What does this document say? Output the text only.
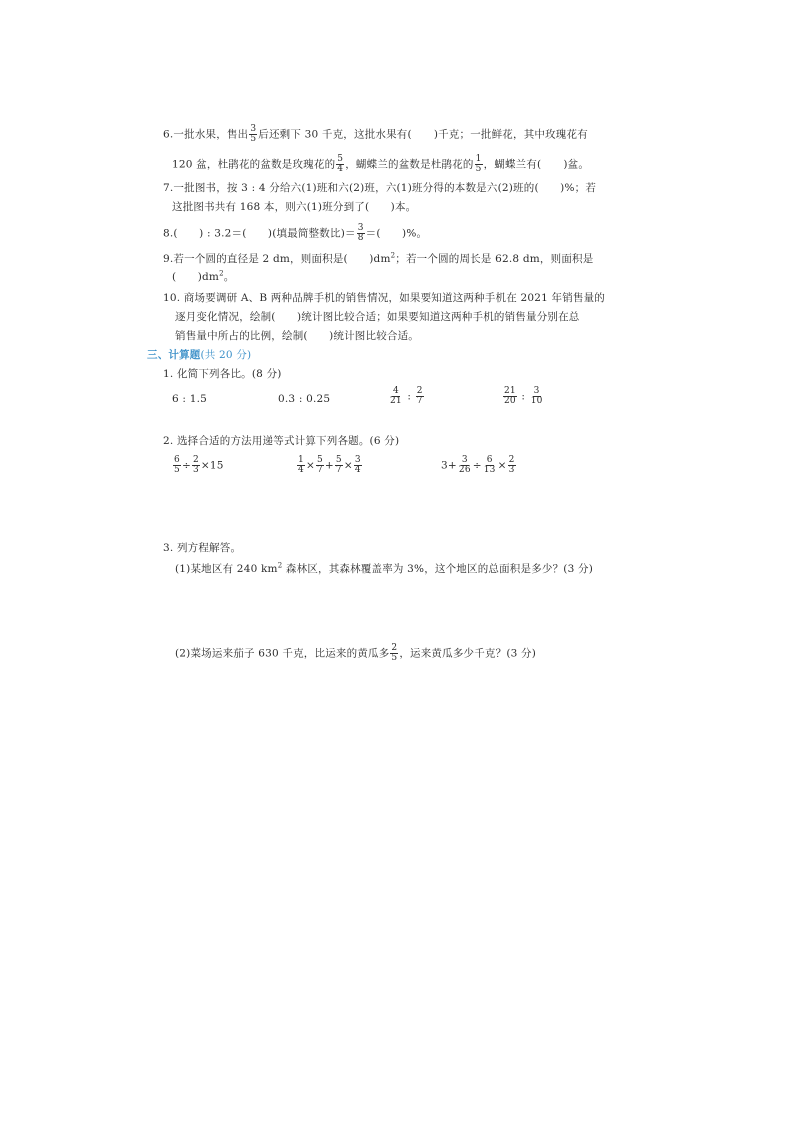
6.一批水果，售出 $\frac{3}{5}$ 后还剩下 30 千克，这批水果有( )千克；一批鲜花，其中玫瑰花有
120 盆，杜鹃花的盆数是玫瑰花的 $\frac{5}{4}$ ，蝴蝶兰的盆数是杜鹃花的 $\frac{1}{5}$ ，蝴蝶兰有( )盆。
7.一批图书，按 3 : 4 分给六(1)班和六(2)班，六(1)班分得的本数是六(2)班的(　　)%；若
这批图书共有 168 本，则六(1)班分到了(　　)本。
8.(　　) : 3.2＝(　　)(填最简整数比)＝ $\frac{3}{8}$ ＝(　　)%。
9.若一个圆的直径是 2 dm，则面积是(　　)$dm^2$；若一个圆的周长是 62.8 dm，则面积是
(　　)$dm^2$。
10. 商场要调研 A、B 两种品牌手机的销售情况，如果要知道这两种手机在 2021 年销售量的
逐月变化情况，绘制(　　)统计图比较合适；如果要知道这两种手机的销售量分别在总
销售量中所占的比例，绘制(　　)统计图比较合适。
三、计算题(共 20 分)
1. 化简下列各比。(8 分)
6 : 1.5	0.3 : 0.25	$\frac{4}{21}$ : $\frac{2}{7}$	$\frac{21}{20}$ : $\frac{3}{10}$
2. 选择合适的方法用递等式计算下列各题。(6 分)
$\frac{6}{5} \div \frac{2}{3} \times 15$	$\frac{1}{4} \times \frac{5}{7} + \frac{5}{7} \times \frac{3}{4}$	$3+ \frac{3}{26} \div \frac{6}{13} \times \frac{2}{3}$
3. 列方程解答。
(1)某地区有 240 $km^2$ 森林区，其森林覆盖率为 3%，这个地区的总面积是多少？(3 分)
(2)菜场运来茄子 630 千克，比运来的黄瓜多 $\frac{2}{5}$ ，运来黄瓜多少千克？(3 分)
